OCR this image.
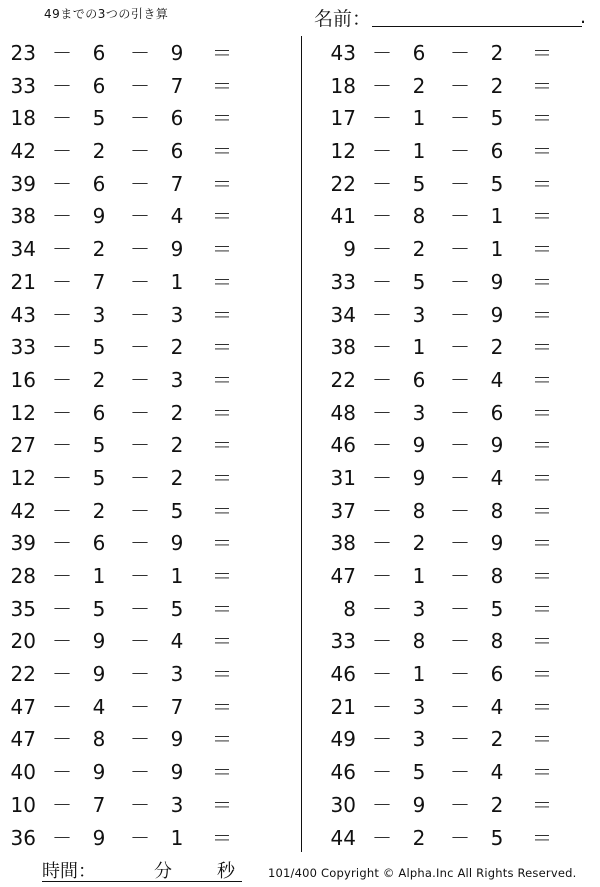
49までの3つの引き算	名前：	.
23 － 6 － 9 ＝
33 － 6 － 7 ＝
18 － 5 － 6 ＝
42 － 2 － 6 ＝
39 － 6 － 7 ＝
38 － 9 － 4 ＝
34 － 2 － 9 ＝
21 － 7 － 1 ＝
43 － 3 － 3 ＝
33 － 5 － 2 ＝
16 － 2 － 3 ＝
12 － 6 － 2 ＝
27 － 5 － 2 ＝
12 － 5 － 2 ＝
42 － 2 － 5 ＝
39 － 6 － 9 ＝
28 － 1 － 1 ＝
35 － 5 － 5 ＝
20 － 9 － 4 ＝
22 － 9 － 3 ＝
47 － 4 － 7 ＝
47 － 8 － 9 ＝
40 － 9 － 9 ＝
10 － 7 － 3 ＝
36 － 9 － 1 ＝
43 － 6 － 2 ＝
18 － 2 － 2 ＝
17 － 1 － 5 ＝
12 － 1 － 6 ＝
22 － 5 － 5 ＝
41 － 8 － 1 ＝
9 － 2 － 1 ＝
33 － 5 － 9 ＝
34 － 3 － 9 ＝
38 － 1 － 2 ＝
22 － 6 － 4 ＝
48 － 3 － 6 ＝
46 － 9 － 9 ＝
31 － 9 － 4 ＝
37 － 8 － 8 ＝
38 － 2 － 9 ＝
47 － 1 － 8 ＝
8 － 3 － 5 ＝
33 － 8 － 8 ＝
46 － 1 － 6 ＝
21 － 3 － 4 ＝
49 － 3 － 2 ＝
46 － 5 － 4 ＝
30 － 9 － 2 ＝
44 － 2 － 5 ＝
時間：	分	秒	101/400 Copyright © Alpha.Inc All Rights Reserved.
